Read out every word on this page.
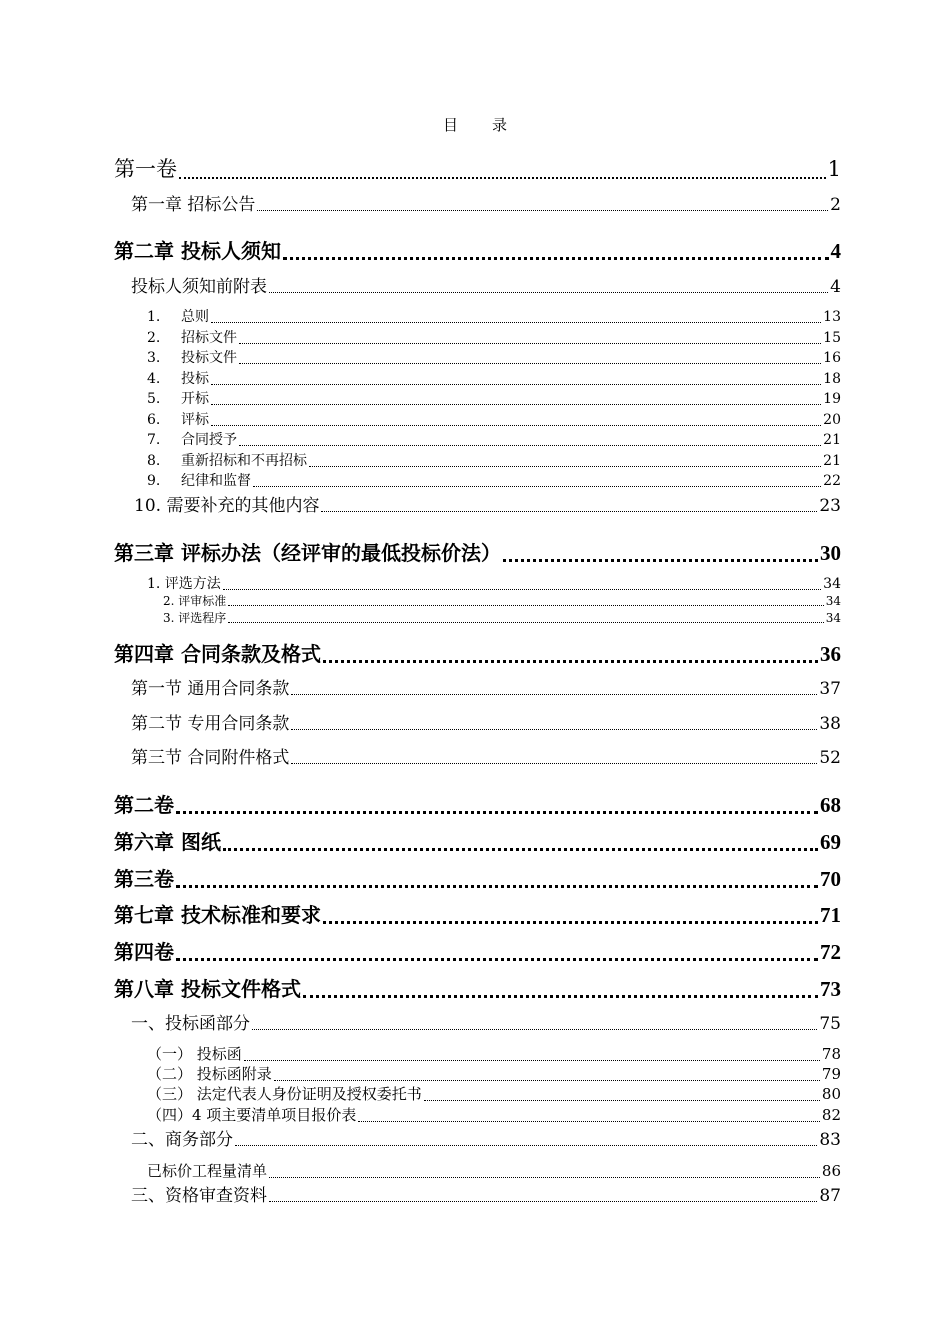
目 录
第一卷	1
第一章 招标公告	2
第二章 投标人须知	4
投标人须知前附表	4
1. 总则	13
2. 招标文件	15
3. 投标文件	16
4. 投标	18
5. 开标	19
6. 评标	20
7. 合同授予	21
8. 重新招标和不再招标	21
9. 纪律和监督	22
10. 需要补充的其他内容	23
第三章 评标办法（经评审的最低投标价法）	30
1. 评选方法	34
2. 评审标准	34
3. 评选程序	34
第四章 合同条款及格式	36
第一节 通用合同条款	37
第二节 专用合同条款	38
第三节 合同附件格式	52
第二卷	68
第六章 图纸	69
第三卷	70
第七章 技术标准和要求	71
第四卷	72
第八章 投标文件格式	73
一、投标函部分	75
（一） 投标函	78
（二） 投标函附录	79
（三） 法定代表人身份证明及授权委托书	80
（四）4 项主要清单项目报价表	82
二、商务部分	83
已标价工程量清单	86
三、资格审查资料	87
